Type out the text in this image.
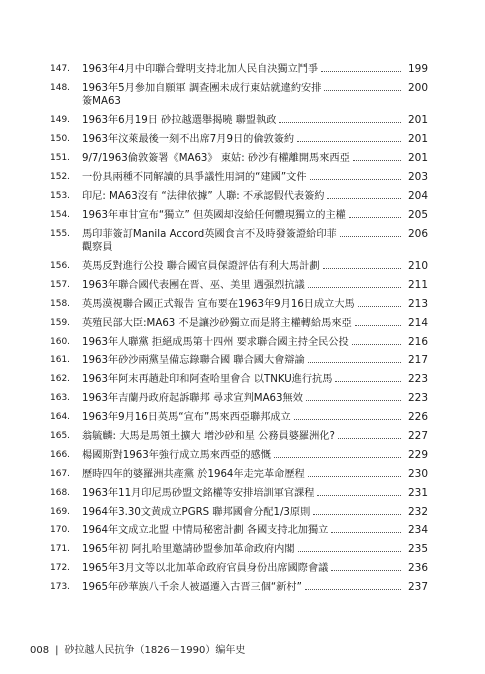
147.	1963年4月中印聯合聲明支持北加人民自決獨立鬥爭	199
148.	1963年5月參加自願軍 調查團未成行東姑就違約安排	200
簽MA63
149.	1963年6月19日 砂拉越選舉揭曉 聯盟執政	201
150.	1963年汶萊最後一刻不出席7月9日的倫敦簽約	201
151.	9/7/1963倫敦簽署《MA63》 東姑: 砂沙有權離開馬來西亞	201
152.	一份具兩種不同解讀的具爭議性用詞的“建國”文件	203
153.	印尼: MA63沒有 “法律依據” 人聯: 不承認假代表簽約	204
154.	1963年車甘宣布“獨立” 但英國却沒給任何體現獨立的主權	205
155.	馬印菲簽訂Manila Accord英國食言不及時發簽證給印菲	206
觀察員
156.	英馬反對進行公投 聯合國官員保證評估有利大馬計劃	210
157.	1963年聯合國代表團在晋、巫、美里 遇强烈抗議	211
158.	英馬漠視聯合國正式報告 宣布要在1963年9月16日成立大馬	213
159.	英殖民部大臣:MA63 不是讓沙砂獨立而是將主權轉給馬來亞	214
160.	1963年人聯黨 拒絕成馬第十四州 要求聯合國主持全民公投	216
161.	1963年砂沙兩黨呈備忘錄聯合國 聯合國大會辯論	217
162.	1963年阿末再趟赴印和阿查哈里會合 以TNKU進行抗馬	223
163.	1963年吉蘭丹政府起訴聯邦 尋求宣判MA63無效	223
164.	1963年9月16日英馬“宣布”馬來西亞聯邦成立	226
165.	翁毓麟: 大馬是馬領土擴大 增沙砂和星 公務員婆羅洲化?	227
166.	楊國斯對1963年強行成立馬來西亞的感慨	229
167.	歷時四年的婆羅洲共產黨 於1964年走完革命歷程	230
168.	1963年11月印尼馬砂盟文銘權等安排培訓軍官課程	231
169.	1964年3.30文黄成立PGRS 聯邦國會分配1/3原則	232
170.	1964年文成立北盟 中情局秘密計劃 各國支持北加獨立	234
171.	1965年初 阿扎哈里邀請砂盟參加革命政府内閣	235
172.	1965年3月文等以北加革命政府官員身份出席國際會議	236
173.	1965年砂華族八千余人被逼遷入古晋三個“新村”	237
008 | 砂拉越人民抗争（1826－1990）编年史
